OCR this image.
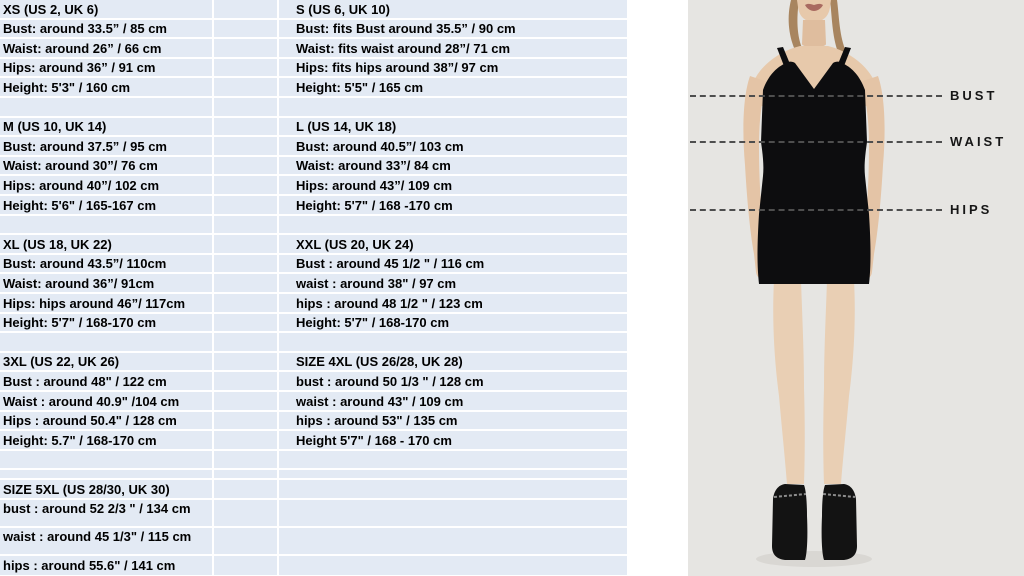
XS (US 2, UK 6)
Bust: around 33.5” / 85 cm
Waist: around 26” / 66 cm
Hips: around 36” / 91 cm
Height: 5'3" / 160 cm
S (US 6, UK 10)
Bust: fits Bust around 35.5” / 90 cm
Waist: fits waist around 28”/ 71 cm
Hips: fits hips around 38”/ 97 cm
Height: 5'5" / 165 cm
M (US 10, UK 14)
Bust: around 37.5” / 95 cm
Waist: around 30”/ 76 cm
Hips: around 40”/ 102 cm
Height: 5'6" / 165-167 cm
L (US 14, UK 18)
Bust: around 40.5”/ 103 cm
Waist: around 33”/ 84 cm
Hips: around 43”/ 109 cm
Height: 5'7" / 168 -170 cm
XL (US 18, UK 22)
Bust: around 43.5”/ 110cm
Waist: around 36”/ 91cm
Hips: hips around 46”/ 117cm
Height: 5'7" / 168-170 cm
XXL (US 20, UK 24)
Bust : around 45 1/2 " / 116 cm
waist : around 38" / 97 cm
hips : around 48 1/2 " / 123 cm
Height: 5'7" / 168-170 cm
3XL (US 22, UK 26)
Bust : around 48" / 122 cm
Waist : around 40.9" /104 cm
Hips : around 50.4" / 128 cm
Height: 5.7" / 168-170 cm
SIZE 4XL (US 26/28, UK 28)
bust : around 50 1/3 " / 128 cm
waist : around 43" / 109 cm
hips : around 53" / 135 cm
Height 5'7" / 168 - 170 cm
SIZE 5XL (US 28/30, UK 30)
bust : around 52 2/3 " / 134 cm
waist : around 45 1/3" / 115 cm
hips : around 55.6" / 141 cm
BUST
WAIST
HIPS
